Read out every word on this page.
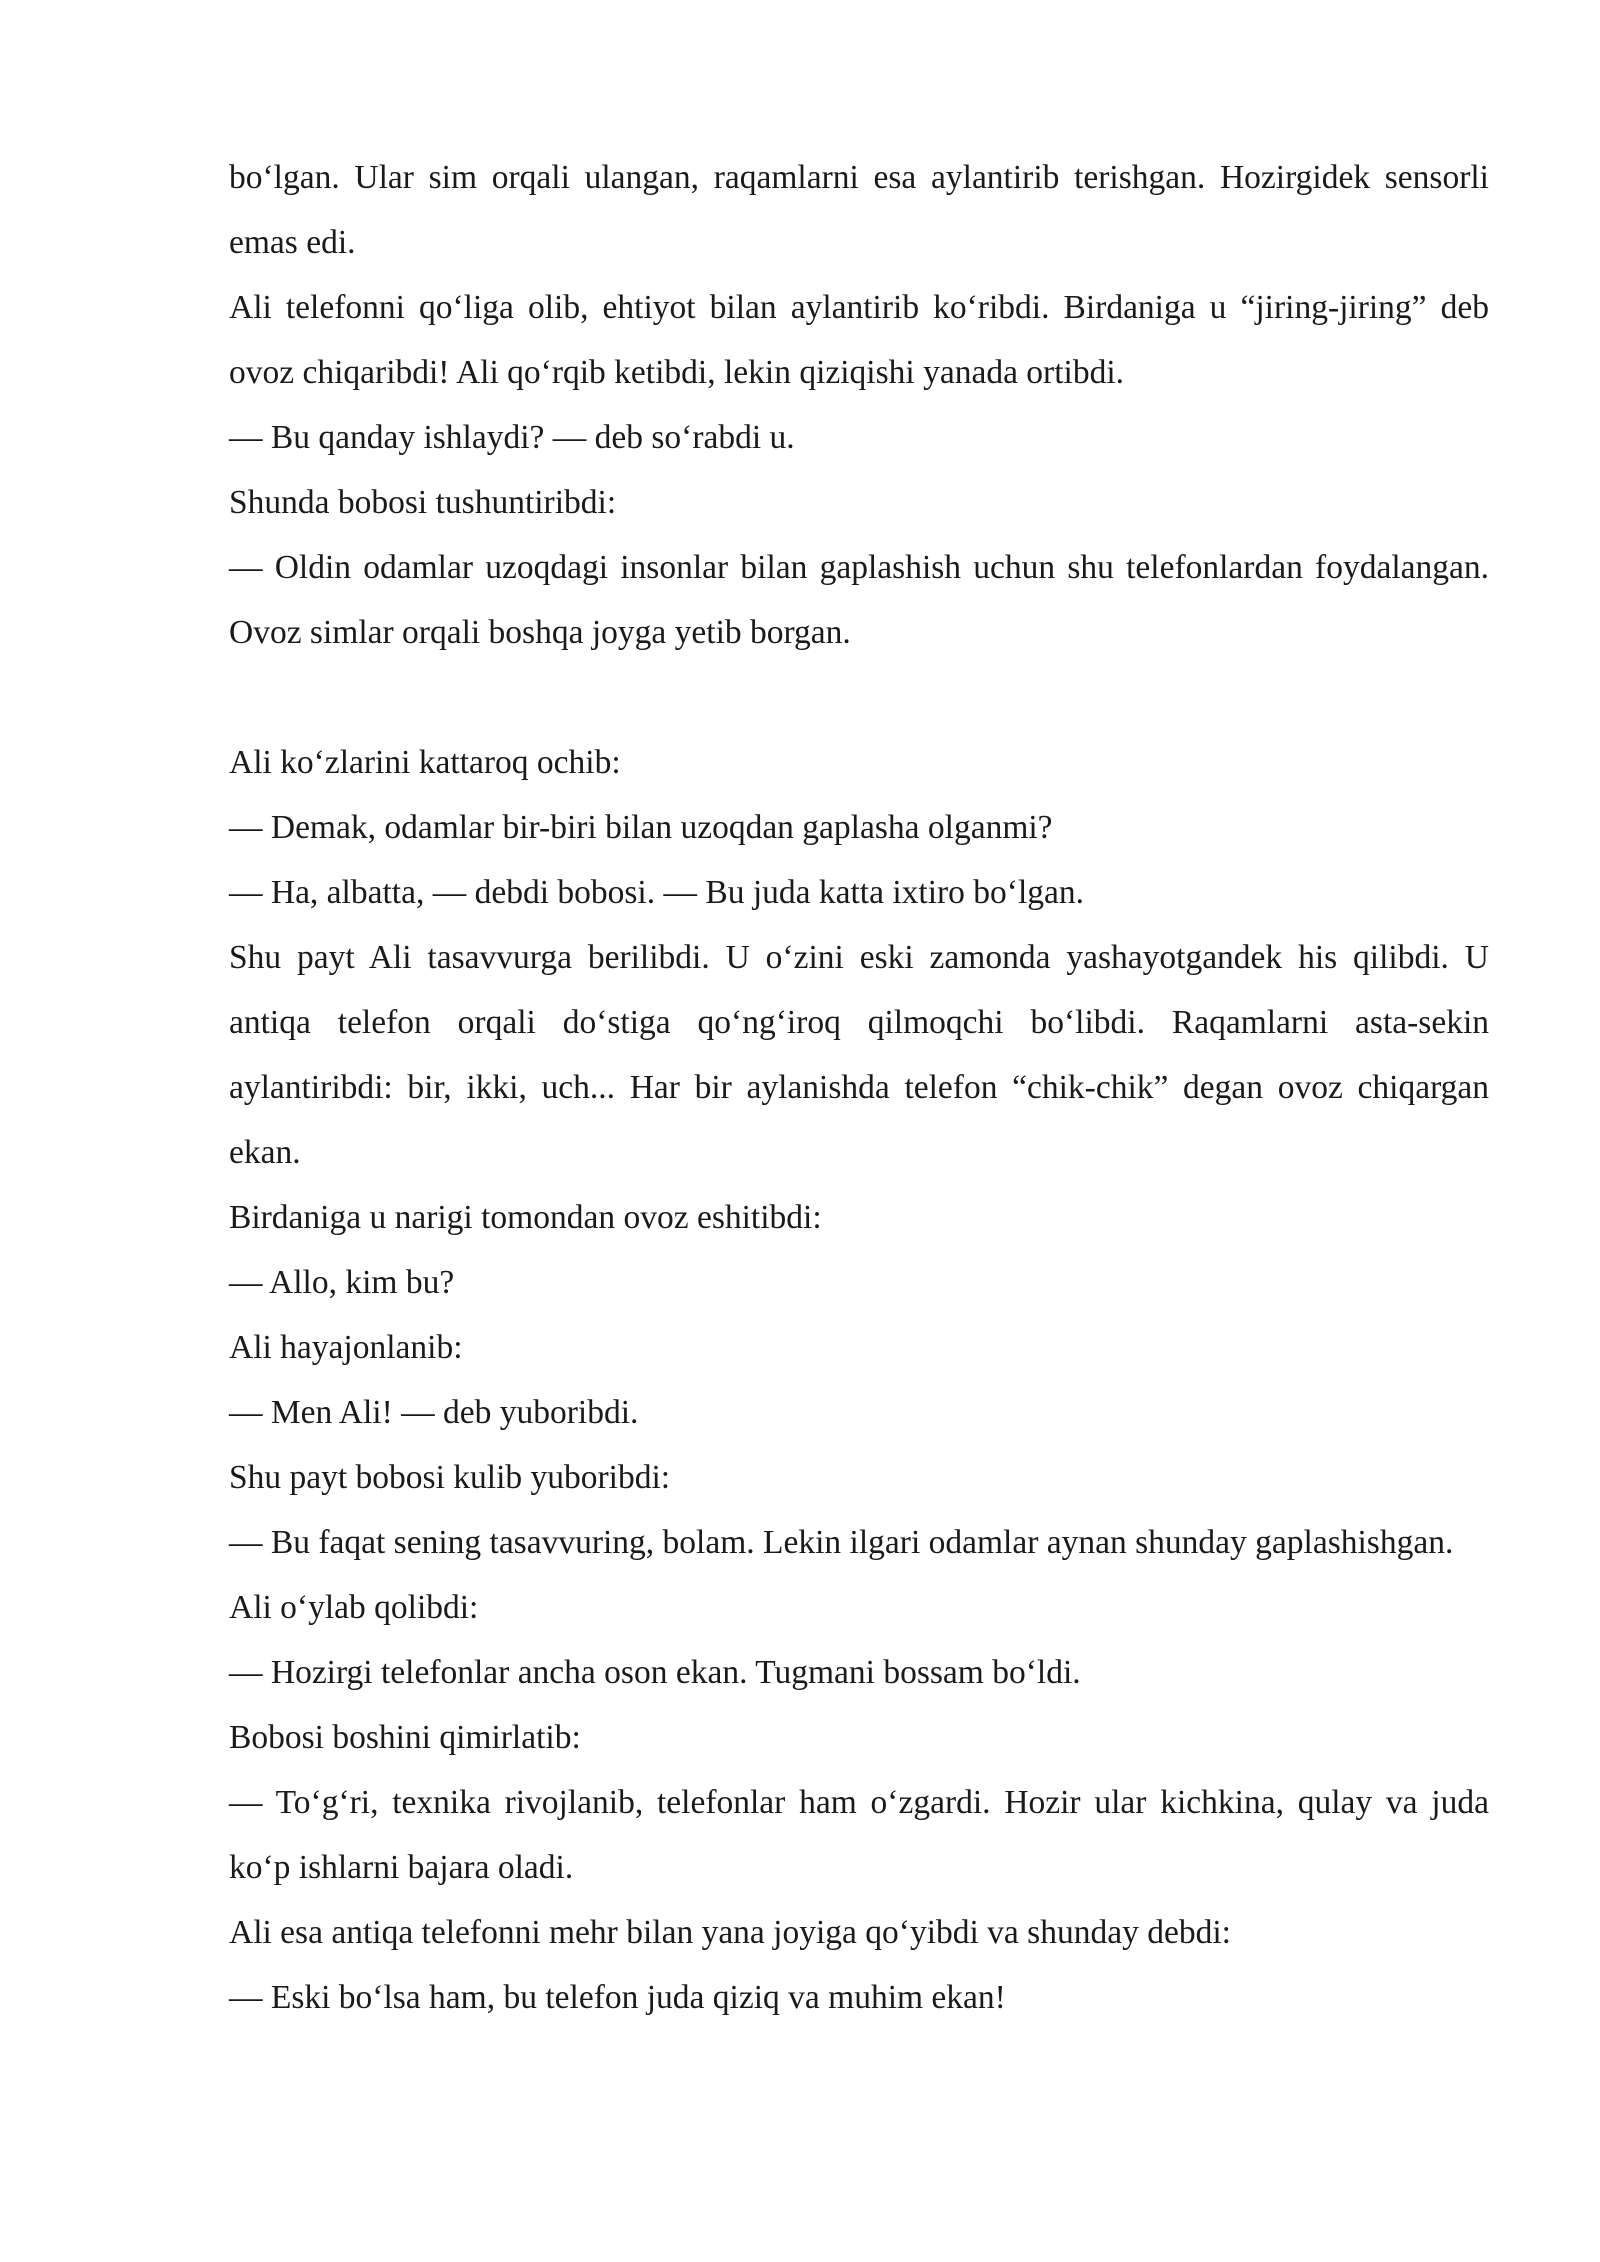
bo‘lgan. Ular sim orqali ulangan, raqamlarni esa aylantirib terishgan. Hozirgidek sensorli emas edi.

Ali telefonni qo‘liga olib, ehtiyot bilan aylantirib ko‘ribdi. Birdaniga u “jiring-jiring” deb ovoz chiqaribdi! Ali qo‘rqib ketibdi, lekin qiziqishi yanada ortibdi.

— Bu qanday ishlaydi? — deb so‘rabdi u.

Shunda bobosi tushuntiribdi:

— Oldin odamlar uzoqdagi insonlar bilan gaplashish uchun shu telefonlardan foydalangan. Ovoz simlar orqali boshqa joyga yetib borgan.

Ali ko‘zlarini kattaroq ochib:

— Demak, odamlar bir-biri bilan uzoqdan gaplasha olganmi?

— Ha, albatta, — debdi bobosi. — Bu juda katta ixtiro bo‘lgan.

Shu payt Ali tasavvurga berilibdi. U o‘zini eski zamonda yashayotgandek his qilibdi. U antiqa telefon orqali do‘stiga qo‘ng‘iroq qilmoqchi bo‘libdi. Raqamlarni asta-sekin aylantiribdi: bir, ikki, uch... Har bir aylanishda telefon “chik-chik” degan ovoz chiqargan ekan.

Birdaniga u narigi tomondan ovoz eshitibdi:

— Allo, kim bu?

Ali hayajonlanib:

— Men Ali! — deb yuboribdi.

Shu payt bobosi kulib yuboribdi:

— Bu faqat sening tasavvuring, bolam. Lekin ilgari odamlar aynan shunday gaplashishgan.

Ali o‘ylab qolibdi:

— Hozirgi telefonlar ancha oson ekan. Tugmani bossam bo‘ldi.

Bobosi boshini qimirlatib:

— To‘g‘ri, texnika rivojlanib, telefonlar ham o‘zgardi. Hozir ular kichkina, qulay va juda ko‘p ishlarni bajara oladi.

Ali esa antiqa telefonni mehr bilan yana joyiga qo‘yibdi va shunday debdi:

— Eski bo‘lsa ham, bu telefon juda qiziq va muhim ekan!
